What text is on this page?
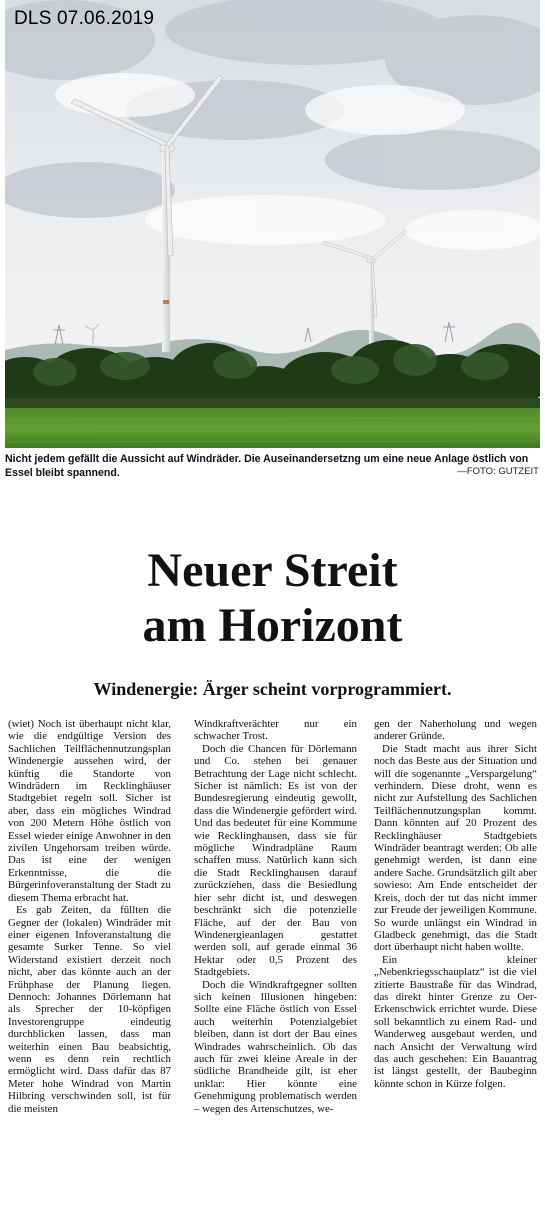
DLS 07.06.2019
Nicht jedem gefällt die Aussicht auf Windräder. Die Auseinandersetzng um eine neue Anlage östlich von Essel bleibt spannend.	—FOTO: GUTZEIT
Neuer Streit
am Horizont
Windenergie: Ärger scheint vorprogrammiert.

(wiet) Noch ist überhaupt nicht klar, wie die endgültige Version des Sachlichen Teilflächennutzungsplan Windenergie aussehen wird, der künftig die Standorte von Windrädern im Recklinghäuser Stadtgebiet regeln soll. Sicher ist aber, dass ein mögliches Windrad von 200 Metern Höhe östlich von Essel wieder einige Anwohner in den zivilen Ungehorsam treiben würde. Das ist eine der wenigen Erkenntnisse, die die Bürgerinfoveranstaltung der Stadt zu diesem Thema erbracht hat.

Es gab Zeiten, da füllten die Gegner der (lokalen) Windräder mit einer eigenen Infoveranstaltung die gesamte Surker Tenne. So viel Widerstand existiert derzeit noch nicht, aber das könnte auch an der Frühphase der Planung liegen. Dennoch: Johannes Dörlemann hat als Sprecher der 10-köpfigen Investorengruppe eindeutig durchblicken lassen, dass man weiterhin einen Bau beabsichtig, wenn es denn rein rechtlich ermöglicht wird. Dass dafür das 87 Meter hohe Windrad von Martin Hilbring verschwinden soll, ist für die meisten

Windkraftverächter nur ein schwacher Trost.

Doch die Chancen für Dörlemann und Co. stehen bei genauer Betrachtung der Lage nicht schlecht. Sicher ist nämlich: Es ist von der Bundesregierung eindeutig gewollt, dass die Windenergie gefördert wird. Und das bedeutet für eine Kommune wie Recklinghausen, dass sie für mögliche Windradpläne Raum schaffen muss. Natürlich kann sich die Stadt Recklinghausen darauf zurückziehen, dass die Besiedlung hier sehr dicht ist, und deswegen beschränkt sich die potenzielle Fläche, auf der der Bau von Windenergieanlagen gestattet werden soll, auf gerade einmal 36 Hektar oder 0,5 Prozent des Stadtgebiets.

Doch die Windkraftgegner sollten sich keinen Illusionen hingeben: Sollte eine Fläche östlich von Essel auch weiterhin Potenzialgebiet bleiben, dann ist dort der Bau eines Windrades wahrscheinlich. Ob das auch für zwei kleine Areale in der südliche Brandheide gilt, ist eher unklar: Hier könnte eine Genehmigung problematisch werden – wegen des Artenschutzes, we-

gen der Naherholung und wegen anderer Gründe.

Die Stadt macht aus ihrer Sicht noch das Beste aus der Situation und will die sogenannte „Verspargelung“ verhindern. Diese droht, wenn es nicht zur Aufstellung des Sachlichen Teilflächennutzungsplan kommt. Dann könnten auf 20 Prozent des Recklinghäuser Stadtgebiets Windräder beantragt werden: Ob alle genehmigt werden, ist dann eine andere Sache. Grundsätzlich gilt aber sowieso: Am Ende entscheidet der Kreis, doch der tut das nicht immer zur Freude der jeweiligen Kommune. So wurde unlängst ein Windrad in Gladbeck genehmigt, das die Stadt dort überhaupt nicht haben wollte.

Ein kleiner „Nebenkriegsschauplatz“ ist die viel zitierte Baustraße für das Windrad, das direkt hinter Grenze zu Oer-Erkenschwick errichtet wurde. Diese soll bekanntlich zu einem Rad- und Wanderweg ausgebaut werden, und nach Ansicht der Verwaltung wird das auch geschehen: Ein Bauantrag ist längst gestellt, der Baubeginn könnte schon in Kürze folgen.
